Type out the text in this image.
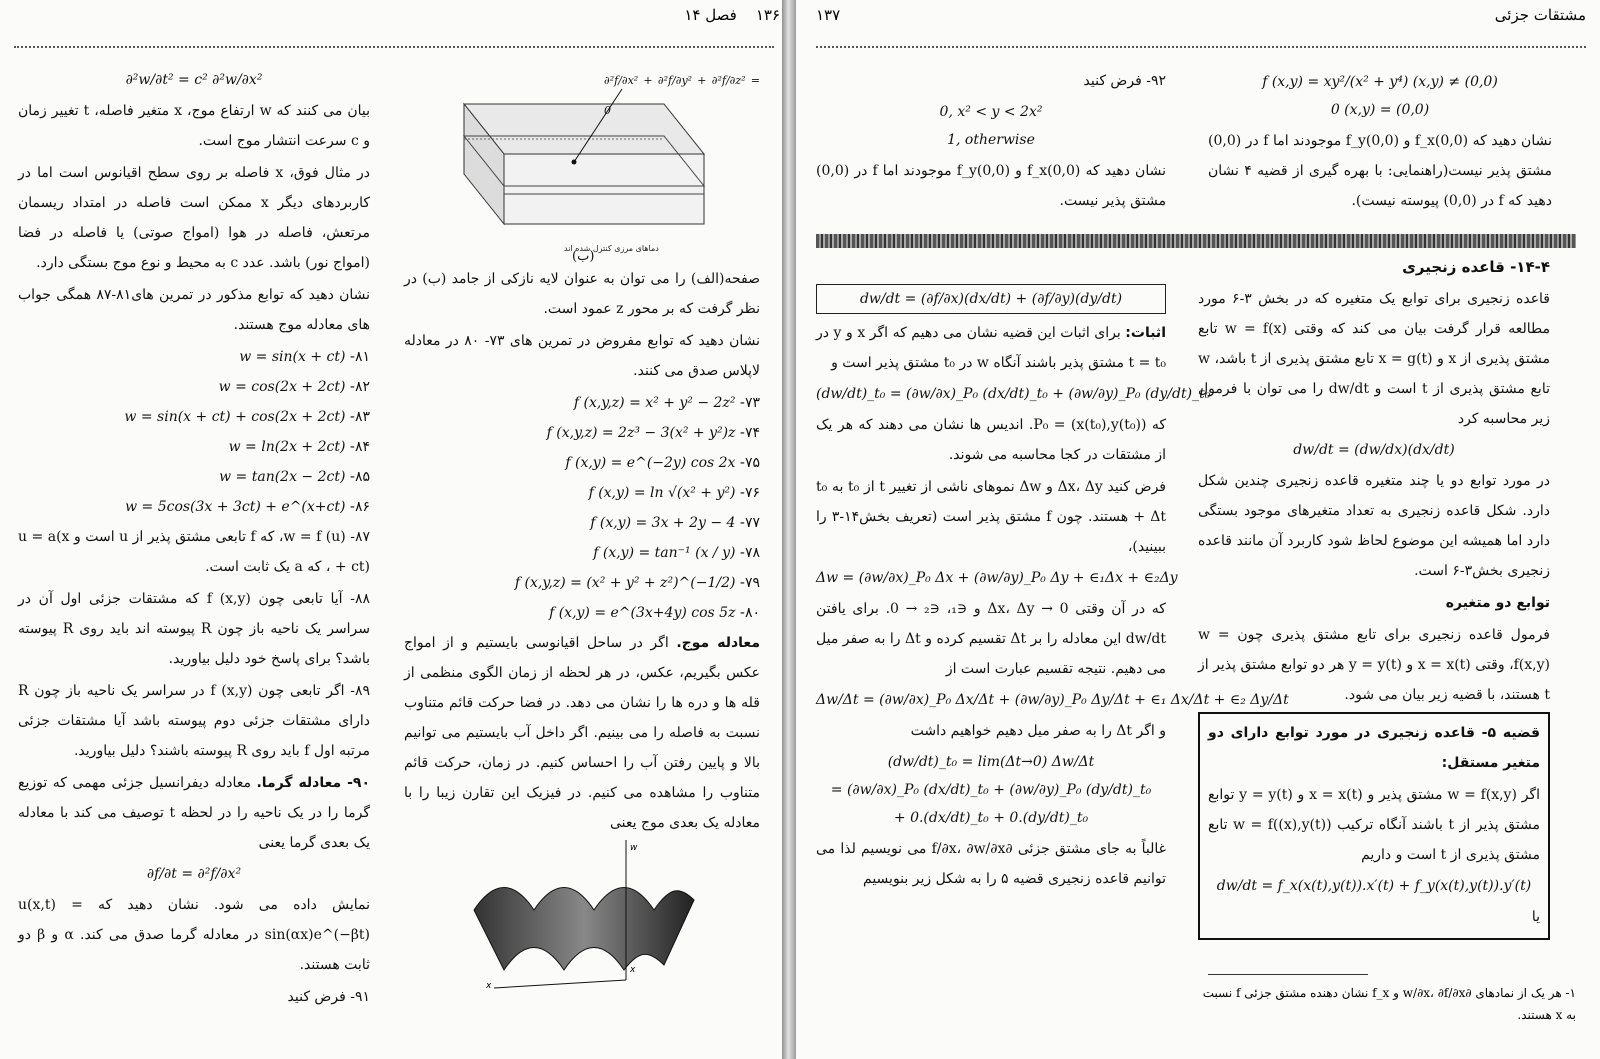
۱۳۶    فصل ۱۴
دماهای مرزی کنترل شده اند
∂²f/∂x² + ∂²f/∂y² + ∂²f/∂z² = 0
(ب)

صفحه(الف) را می توان به عنوان لایه نازکی از جامد (ب) در نظر گرفت که بر محور z عمود است.

نشان دهید که توابع مفروض در تمرین های ۷۳- ۸۰ در معادله لاپلاس صدق می کنند.

f (x,y,z) = x² + y² − 2z² -۷۳
f (x,y,z) = 2z³ − 3(x² + y²)z -۷۴
f (x,y) = e^(−2y) cos 2x -۷۵
f (x,y) = ln √(x² + y²) -۷۶
f (x,y) = 3x + 2y − 4 -۷۷
f (x,y) = tan⁻¹ (x / y) -۷۸
f (x,y,z) = (x² + y² + z²)^(−1/2) -۷۹
f (x,y) = e^(3x+4y) cos 5z -۸۰

معادله موج. اگر در ساحل اقیانوسی بایستیم و از امواج عکس بگیریم، عکس، در هر لحظه از زمان الگوی منظمی از قله ها و دره ها را نشان می دهد. در فضا حرکت قائم متناوب نسبت به فاصله را می بینیم. اگر داخل آب بایستیم می توانیم بالا و پایین رفتن آب را احساس کنیم. در زمان، حرکت قائم متناوب را مشاهده می کنیم. در فیزیک این تقارن زیبا را با معادله یک بعدی موج یعنی

w
x
x
∂²w/∂t² = c² ∂²w/∂x²

بیان می کنند که w ارتفاع موج، x متغیر فاصله، t تغییر زمان و c سرعت انتشار موج است.

در مثال فوق، x فاصله بر روی سطح اقیانوس است اما در کاربردهای دیگر x ممکن است فاصله در امتداد ریسمان مرتعش، فاصله در هوا (امواج صوتی) یا فاصله در فضا (امواج نور) باشد. عدد c به محیط و نوع موج بستگی دارد.

نشان دهید که توابع مذکور در تمرین های۸۱-۸۷ همگی جواب های معادله موج هستند.

w = sin(x + ct) -۸۱
w = cos(2x + 2ct) -۸۲
w = sin(x + ct) + cos(2x + 2ct) -۸۳
w = ln(2x + 2ct) -۸۴
w = tan(2x − 2ct) -۸۵
w = 5cos(3x + 3ct) + e^(x+ct) -۸۶

۸۷- w = f (u)، که f تابعی مشتق پذیر از u است و u = a(x + ct) ، که a یک ثابت است.

۸۸- آیا تابعی چون f (x,y) که مشتقات جزئی اول آن در سراسر یک ناحیه باز چون R پیوسته اند باید روی R پیوسته باشد؟ برای پاسخ خود دلیل بیاورید.

۸۹- اگر تابعی چون f (x,y) در سراسر یک ناحیه باز چون R دارای مشتقات جزئی دوم پیوسته باشد آیا مشتقات جزئی مرتبه اول f باید روی R پیوسته باشند؟ دلیل بیاورید.

۹۰- معادله گرما. معادله دیفرانسیل جزئی مهمی که توزیع گرما را در یک ناحیه را در لحظه t توصیف می کند با معادله یک بعدی گرما یعنی

∂f/∂t = ∂²f/∂x²

نمایش داده می شود. نشان دهید که u(x,t) = sin(αx)e^(−βt) در معادله گرما صدق می کند. α و β دو ثابت هستند.

۹۱- فرض کنید

۱۳۷	مشتقات جزئی
f (x,y) = xy²/(x² + y⁴) (x,y) ≠ (0,0)
0 (x,y) = (0,0)

نشان دهید که f_x(0,0) و f_y(0,0) موجودند اما f در (0,0) مشتق پذیر نیست(راهنمایی: با بهره گیری از قضیه ۴ نشان دهید که f در (0,0) پیوسته نیست).

۹۲- فرض کنید

0, x² < y < 2x²
1, otherwise

نشان دهید که f_x(0,0) و f_y(0,0) موجودند اما f در (0,0) مشتق پذیر نیست.

۱۴-۴- قاعده زنجیری

قاعده زنجیری برای توابع یک متغیره که در بخش ۳-۶ مورد مطالعه قرار گرفت بیان می کند که وقتی w = f(x) تابع مشتق پذیری از x و x = g(t) تابع مشتق پذیری از t باشد، w تابع مشتق پذیری از t است و dw/dt را می توان با فرمول زیر محاسبه کرد

dw/dt = (dw/dx)(dx/dt)

در مورد توابع دو یا چند متغیره قاعده زنجیری چندین شکل دارد. شکل قاعده زنجیری به تعداد متغیرهای موجود بستگی دارد اما همیشه این موضوع لحاظ شود کاربرد آن مانند قاعده زنجیری بخش۳-۶ است.

توابع دو متغیره

فرمول قاعده زنجیری برای تابع مشتق پذیری چون w = f(x,y)، وقتی x = x(t) و y = y(t) هر دو توابع مشتق پذیر از t هستند، با قضیه زیر بیان می شود.

قضیه ۵- قاعده زنجیری در مورد توابع دارای دو متغیر مستقل:

اگر w = f(x,y) مشتق پذیر و x = x(t) و y = y(t) توابع مشتق پذیر از t باشند آنگاه ترکیب w = f((x),y(t)) تابع مشتق پذیری از t است و داریم

dw/dt = f_x(x(t),y(t)).x′(t) + f_y(x(t),y(t)).y′(t)

یا

dw/dt = (∂f/∂x)(dx/dt) + (∂f/∂y)(dy/dt)

اثبات: برای اثبات این قضیه نشان می دهیم که اگر x و y در t = t₀ مشتق پذیر باشند آنگاه w در t₀ مشتق پذیر است و

(dw/dt)_t₀ = (∂w/∂x)_P₀ (dx/dt)_t₀ + (∂w/∂y)_P₀ (dy/dt)_t₀

که P₀ = (x(t₀),y(t₀)). اندیس ها نشان می دهند که هر یک از مشتقات در کجا محاسبه می شوند.

فرض کنید Δx، Δy و Δw نموهای ناشی از تغییر t از t₀ به t₀ + Δt هستند. چون f مشتق پذیر است (تعریف بخش۱۴-۳ را ببینید)،

Δw = (∂w/∂x)_P₀ Δx + (∂w/∂y)_P₀ Δy + ∈₁Δx + ∈₂Δy

که در آن وقتی Δx، Δy → 0 و ∈₁، ∈₂ → 0. برای یافتن dw/dt این معادله را بر Δt تقسیم کرده و Δt را به صفر میل می دهیم. نتیجه تقسیم عبارت است از

Δw/Δt = (∂w/∂x)_P₀ Δx/Δt + (∂w/∂y)_P₀ Δy/Δt + ∈₁ Δx/Δt + ∈₂ Δy/Δt

و اگر Δt را به صفر میل دهیم خواهیم داشت

(dw/dt)_t₀ = lim(Δt→0) Δw/Δt
= (∂w/∂x)_P₀ (dx/dt)_t₀ + (∂w/∂y)_P₀ (dy/dt)_t₀
+ 0.(dx/dt)_t₀ + 0.(dy/dt)_t₀

غالباً به جای مشتق جزئی ∂f/∂x، ∂w/∂x می نویسیم لذا می توانیم قاعده زنجیری قضیه ۵ را به شکل زیر بنویسیم

۱- هر یک از نمادهای ∂w/∂x، ∂f/∂x و f_x نشان دهنده مشتق جزئی f نسبت به x هستند.
